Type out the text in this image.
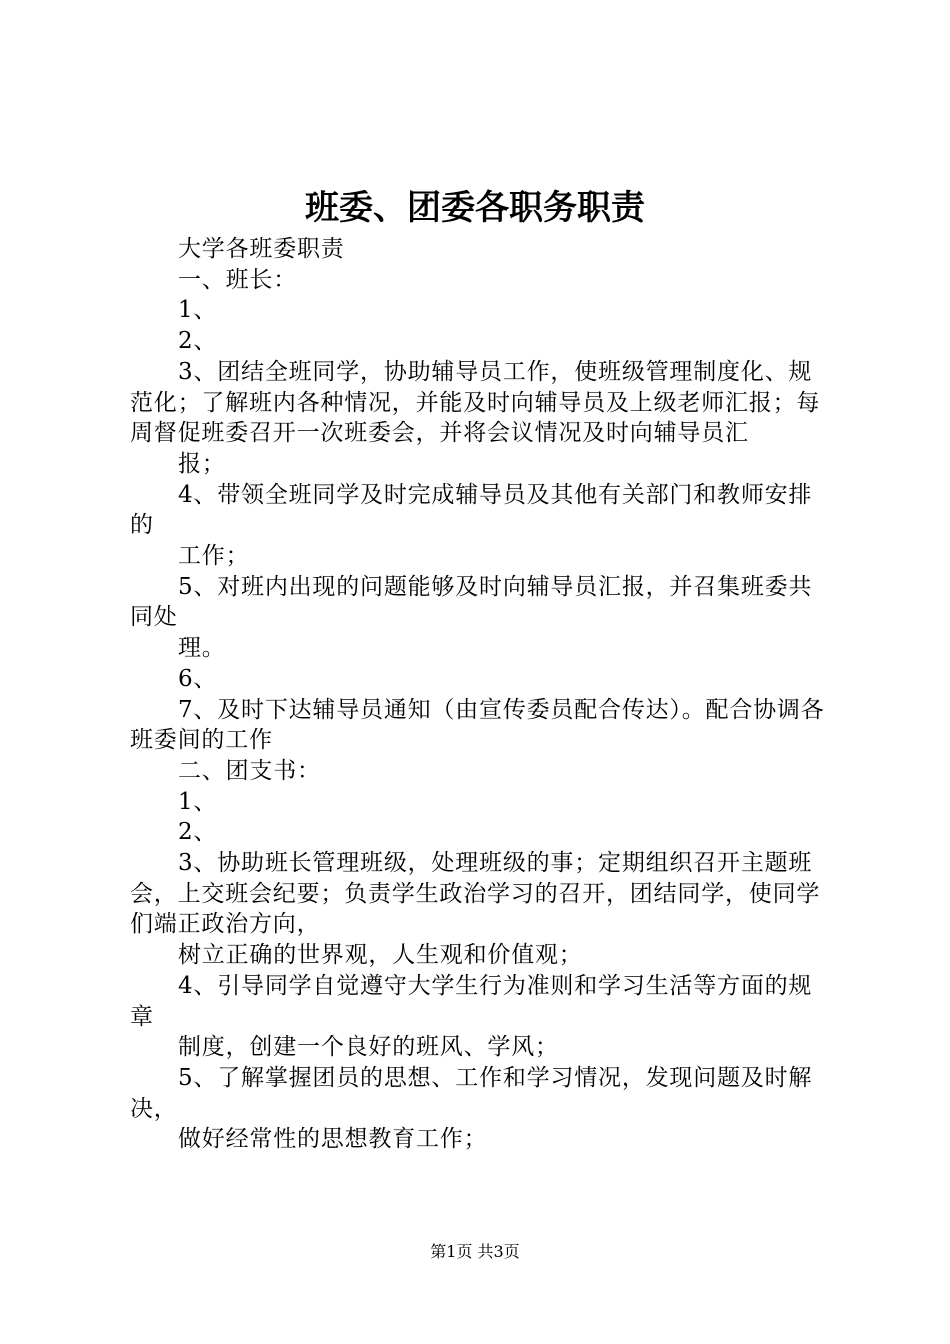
班委、团委各职务职责

大学各班委职责

一、班长：

1、

2、

3、团结全班同学，协助辅导员工作，使班级管理制度化、规范化；了解班内各种情况，并能及时向辅导员及上级老师汇报；每周督促班委召开一次班委会，并将会议情况及时向辅导员汇

报；

4、带领全班同学及时完成辅导员及其他有关部门和教师安排的

工作；

5、对班内出现的问题能够及时向辅导员汇报，并召集班委共同处

理。

6、

7、及时下达辅导员通知（由宣传委员配合传达）。配合协调各班委间的工作

二、团支书：

1、

2、

3、协助班长管理班级，处理班级的事；定期组织召开主题班会，上交班会纪要；负责学生政治学习的召开，团结同学，使同学们端正政治方向，

树立正确的世界观，人生观和价值观；

4、引导同学自觉遵守大学生行为准则和学习生活等方面的规章

制度，创建一个良好的班风、学风；

5、了解掌握团员的思想、工作和学习情况，发现问题及时解决，

做好经常性的思想教育工作；

第1页 共3页
